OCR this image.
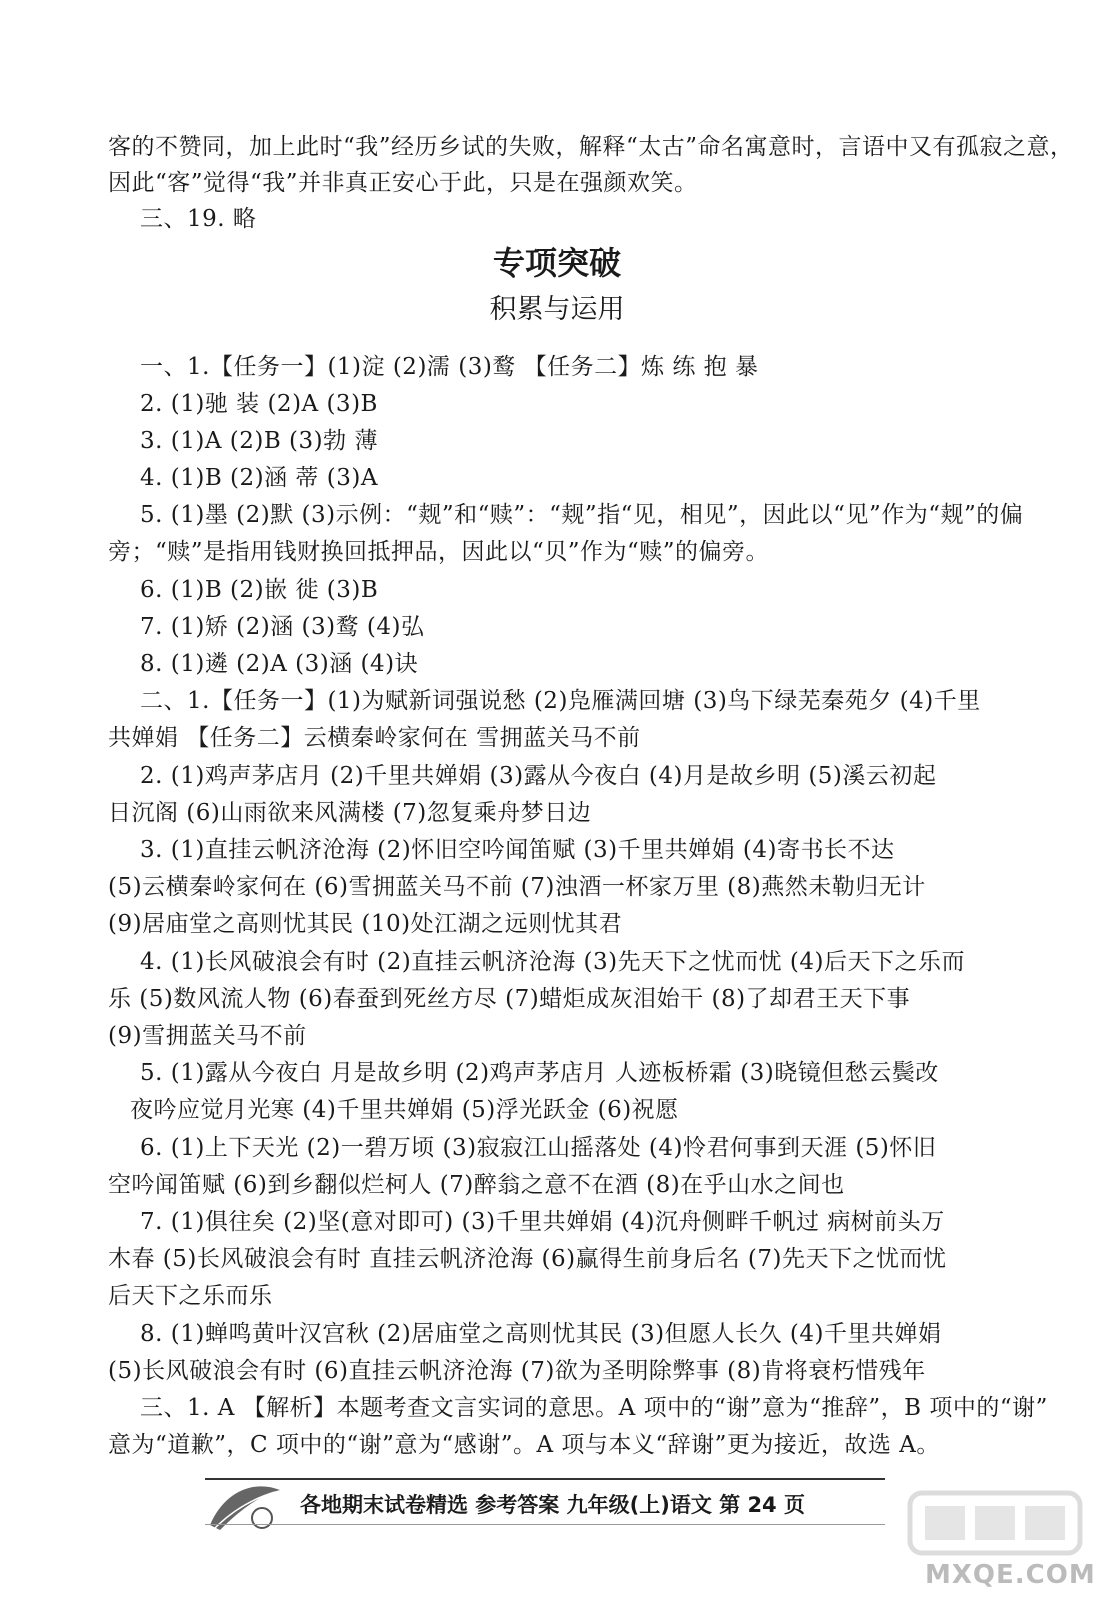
客的不赞同，加上此时“我”经历乡试的失败，解释“太古”命名寓意时，言语中又有孤寂之意，
因此“客”觉得“我”并非真正安心于此，只是在强颜欢笑。
三、19. 略
专项突破
积累与运用
一、1.【任务一】(1)淀 (2)濡 (3)鹜 【任务二】炼 练 抱 暴
2. (1)驰 装 (2)A (3)B
3. (1)A (2)B (3)勃 薄
4. (1)B (2)涵 蒂 (3)A
5. (1)墨 (2)默 (3)示例：“觌”和“赎”：“觌”指“见，相见”，因此以“见”作为“觌”的偏
旁；“赎”是指用钱财换回抵押品，因此以“贝”作为“赎”的偏旁。
6. (1)B (2)嵌 徙 (3)B
7. (1)矫 (2)涵 (3)鹜 (4)弘
8. (1)遴 (2)A (3)涵 (4)诀
二、1.【任务一】(1)为赋新词强说愁 (2)凫雁满回塘 (3)鸟下绿芜秦苑夕 (4)千里
共婵娟 【任务二】云横秦岭家何在 雪拥蓝关马不前
2. (1)鸡声茅店月 (2)千里共婵娟 (3)露从今夜白 (4)月是故乡明 (5)溪云初起
日沉阁 (6)山雨欲来风满楼 (7)忽复乘舟梦日边
3. (1)直挂云帆济沧海 (2)怀旧空吟闻笛赋 (3)千里共婵娟 (4)寄书长不达
(5)云横秦岭家何在 (6)雪拥蓝关马不前 (7)浊酒一杯家万里 (8)燕然未勒归无计
(9)居庙堂之高则忧其民 (10)处江湖之远则忧其君
4. (1)长风破浪会有时 (2)直挂云帆济沧海 (3)先天下之忧而忧 (4)后天下之乐而
乐 (5)数风流人物 (6)春蚕到死丝方尽 (7)蜡炬成灰泪始干 (8)了却君王天下事
(9)雪拥蓝关马不前
5. (1)露从今夜白 月是故乡明 (2)鸡声茅店月 人迹板桥霜 (3)晓镜但愁云鬓改
夜吟应觉月光寒 (4)千里共婵娟 (5)浮光跃金 (6)祝愿
6. (1)上下天光 (2)一碧万顷 (3)寂寂江山摇落处 (4)怜君何事到天涯 (5)怀旧
空吟闻笛赋 (6)到乡翻似烂柯人 (7)醉翁之意不在酒 (8)在乎山水之间也
7. (1)俱往矣 (2)坚(意对即可) (3)千里共婵娟 (4)沉舟侧畔千帆过 病树前头万
木春 (5)长风破浪会有时 直挂云帆济沧海 (6)赢得生前身后名 (7)先天下之忧而忧
后天下之乐而乐
8. (1)蝉鸣黄叶汉宫秋 (2)居庙堂之高则忧其民 (3)但愿人长久 (4)千里共婵娟
(5)长风破浪会有时 (6)直挂云帆济沧海 (7)欲为圣明除弊事 (8)肯将衰朽惜残年
三、1. A 【解析】本题考查文言实词的意思。A 项中的“谢”意为“推辞”，B 项中的“谢”
意为“道歉”，C 项中的“谢”意为“感谢”。A 项与本义“辞谢”更为接近，故选 A。
各地期末试卷精选 参考答案 九年级(上)语文 第 24 页
MXQE.COM
